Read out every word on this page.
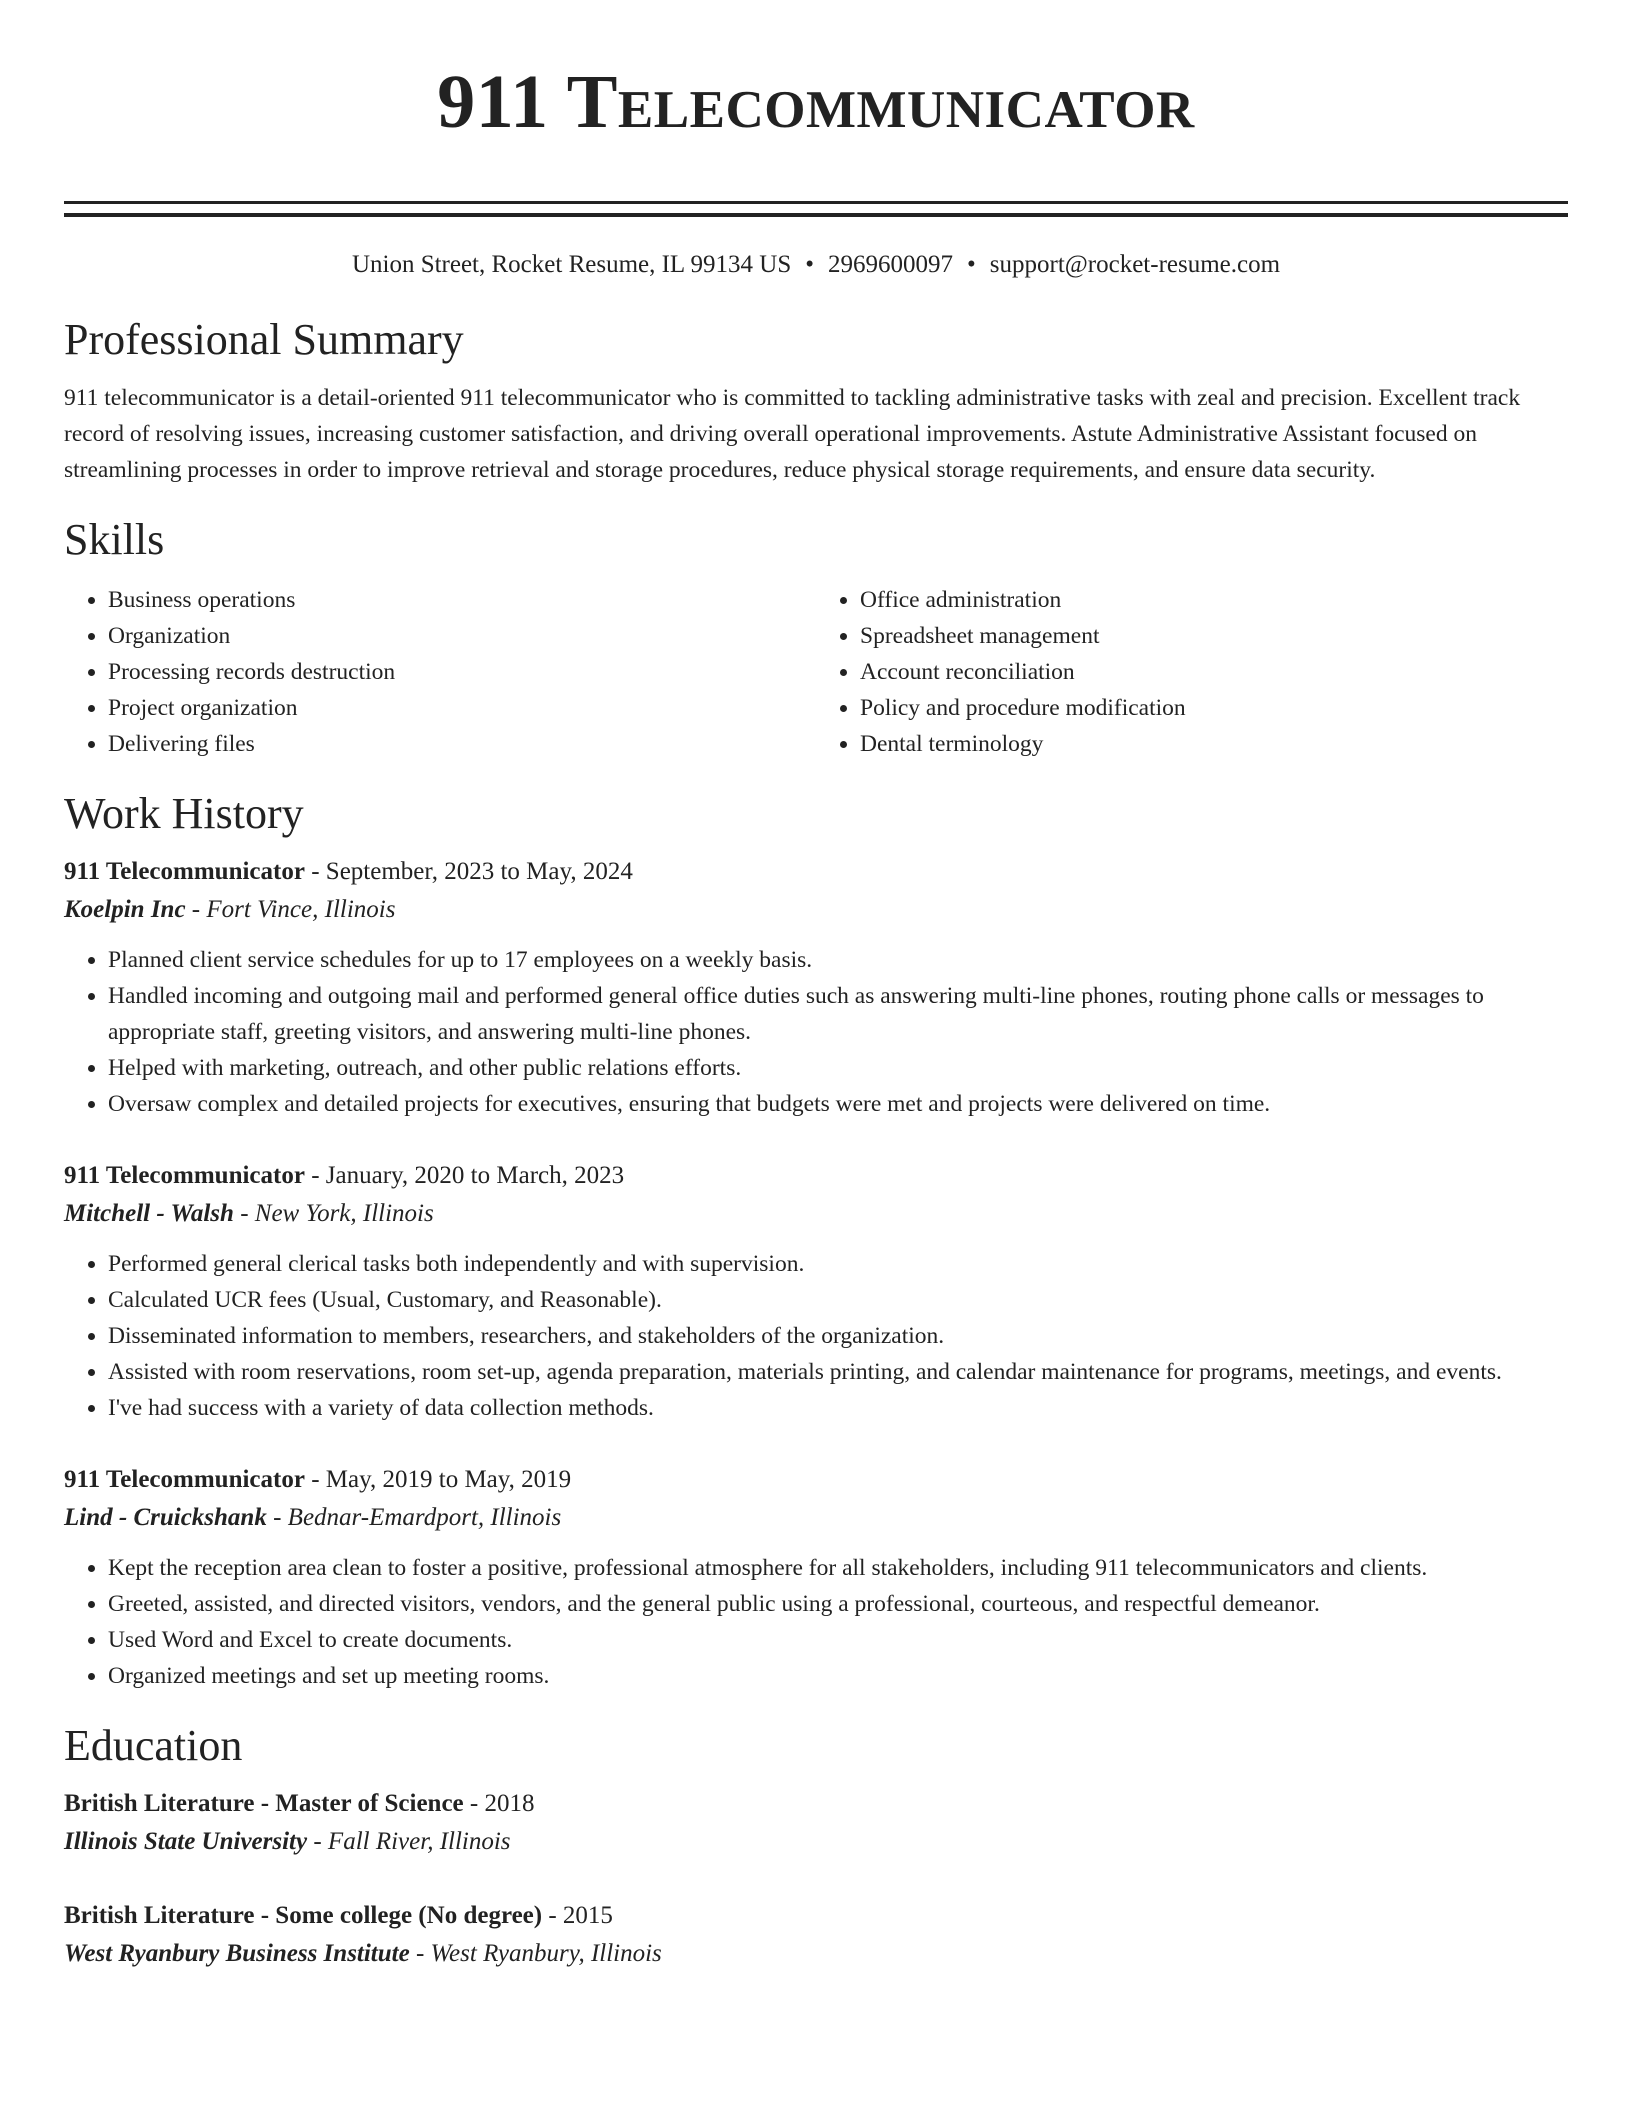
911 Telecommunicator
Union Street, Rocket Resume, IL 99134 US • 2969600097 • support@rocket-resume.com
Professional Summary

911 telecommunicator is a detail-oriented 911 telecommunicator who is committed to tackling administrative tasks with zeal and precision. Excellent track record of resolving issues, increasing customer satisfaction, and driving overall operational improvements. Astute Administrative Assistant focused on streamlining processes in order to improve retrieval and storage procedures, reduce physical storage requirements, and ensure data security.

Skills
• Business operations
• Organization
• Processing records destruction
• Project organization
• Delivering files
• Office administration
• Spreadsheet management
• Account reconciliation
• Policy and procedure modification
• Dental terminology
Work History
911 Telecommunicator - September, 2023 to May, 2024
Koelpin Inc - Fort Vince, Illinois
• Planned client service schedules for up to 17 employees on a weekly basis.
• Handled incoming and outgoing mail and performed general office duties such as answering multi-line phones, routing phone calls or messages to appropriate staff, greeting visitors, and answering multi-line phones.
• Helped with marketing, outreach, and other public relations efforts.
• Oversaw complex and detailed projects for executives, ensuring that budgets were met and projects were delivered on time.
911 Telecommunicator - January, 2020 to March, 2023
Mitchell - Walsh - New York, Illinois
• Performed general clerical tasks both independently and with supervision.
• Calculated UCR fees (Usual, Customary, and Reasonable).
• Disseminated information to members, researchers, and stakeholders of the organization.
• Assisted with room reservations, room set-up, agenda preparation, materials printing, and calendar maintenance for programs, meetings, and events.
• I've had success with a variety of data collection methods.
911 Telecommunicator - May, 2019 to May, 2019
Lind - Cruickshank - Bednar-Emardport, Illinois
• Kept the reception area clean to foster a positive, professional atmosphere for all stakeholders, including 911 telecommunicators and clients.
• Greeted, assisted, and directed visitors, vendors, and the general public using a professional, courteous, and respectful demeanor.
• Used Word and Excel to create documents.
• Organized meetings and set up meeting rooms.
Education
British Literature - Master of Science - 2018
Illinois State University - Fall River, Illinois
British Literature - Some college (No degree) - 2015
West Ryanbury Business Institute - West Ryanbury, Illinois
